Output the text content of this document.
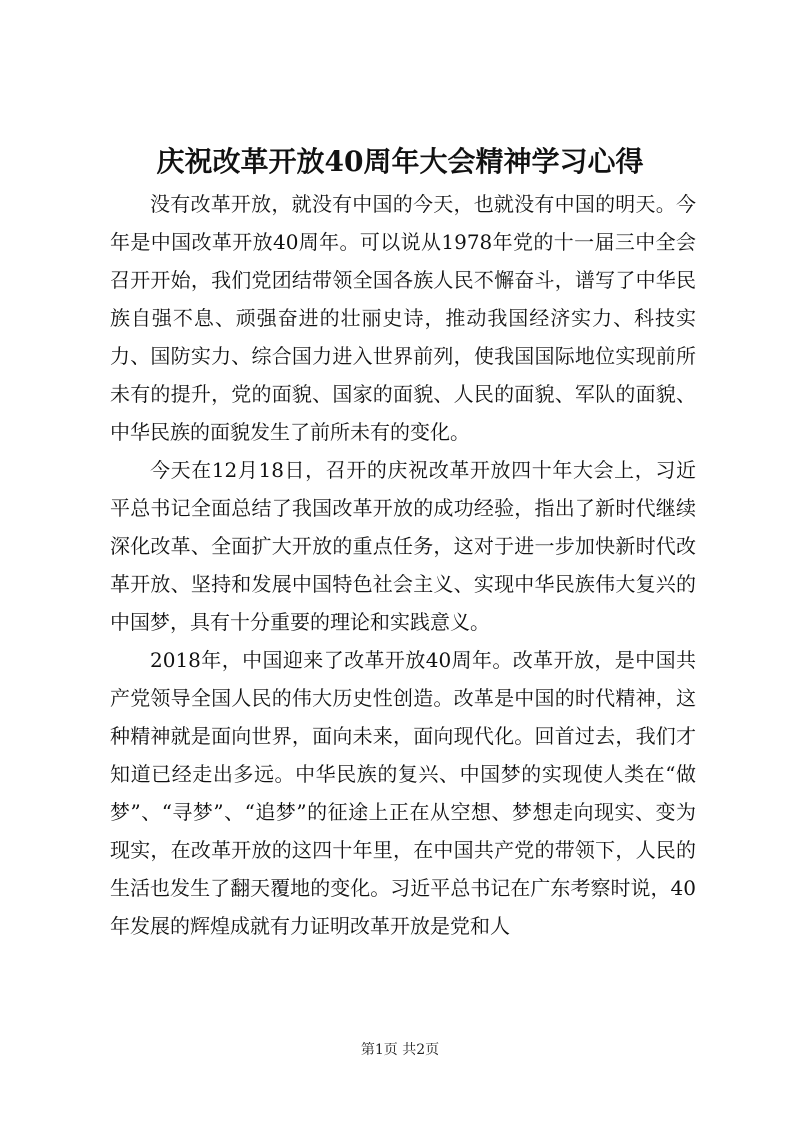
庆祝改革开放40周年大会精神学习心得

没有改革开放，就没有中国的今天，也就没有中国的明天。今年是中国改革开放40周年。可以说从1978年党的十一届三中全会召开开始，我们党团结带领全国各族人民不懈奋斗，谱写了中华民族自强不息、顽强奋进的壮丽史诗，推动我国经济实力、科技实力、国防实力、综合国力进入世界前列，使我国国际地位实现前所未有的提升，党的面貌、国家的面貌、人民的面貌、军队的面貌、中华民族的面貌发生了前所未有的变化。

今天在12月18日，召开的庆祝改革开放四十年大会上，习近平总书记全面总结了我国改革开放的成功经验，指出了新时代继续深化改革、全面扩大开放的重点任务，这对于进一步加快新时代改革开放、坚持和发展中国特色社会主义、实现中华民族伟大复兴的中国梦，具有十分重要的理论和实践意义。

2018年，中国迎来了改革开放40周年。改革开放，是中国共产党领导全国人民的伟大历史性创造。改革是中国的时代精神，这种精神就是面向世界，面向未来，面向现代化。回首过去，我们才知道已经走出多远。中华民族的复兴、中国梦的实现使人类在“做梦”、“寻梦”、“追梦”的征途上正在从空想、梦想走向现实、变为现实，在改革开放的这四十年里，在中国共产党的带领下，人民的生活也发生了翻天覆地的变化。习近平总书记在广东考察时说，40年发展的辉煌成就有力证明改革开放是党和人

第1页 共2页
